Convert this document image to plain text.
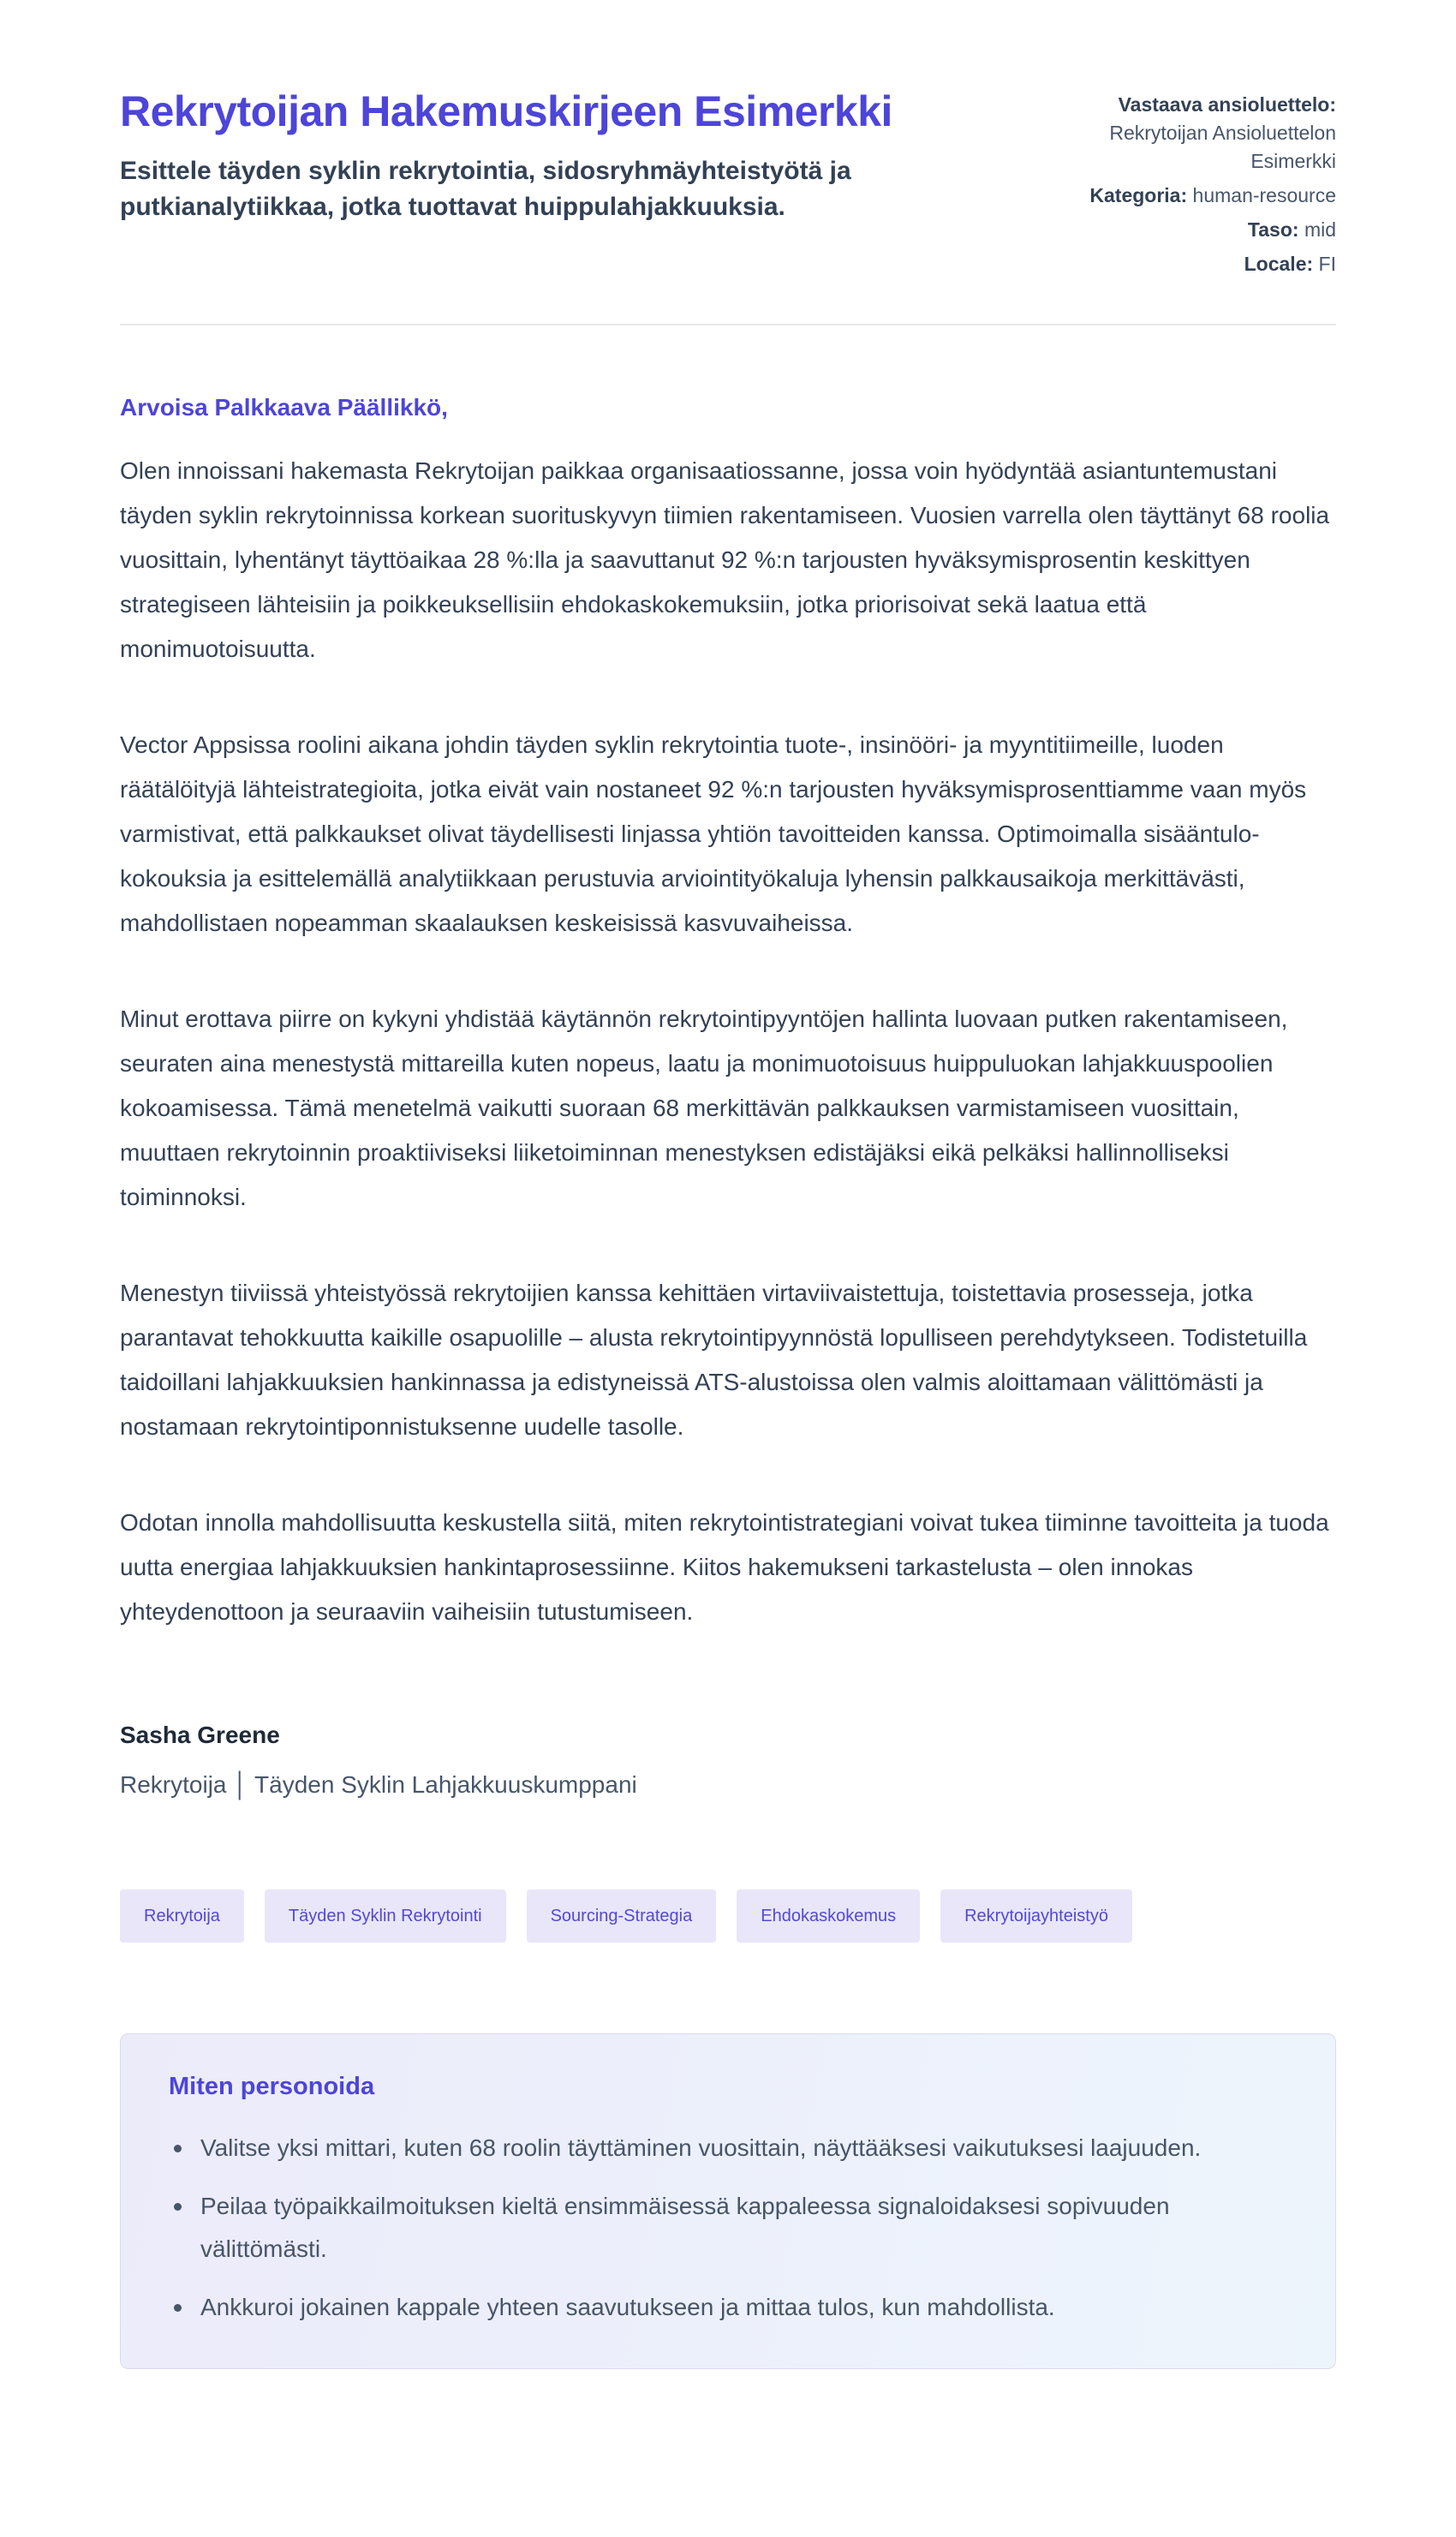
Rekrytoijan Hakemuskirjeen Esimerkki

Esittele täyden syklin rekrytointia, sidosryhmäyhteistyötä ja putkianalytiikkaa, jotka tuottavat huippulahjakkuuksia.

Vastaava ansioluettelo: Rekrytoijan Ansioluettelon Esimerkki

Kategoria: human-resource

Taso: mid

Locale: FI

Arvoisa Palkkaava Päällikkö,

Olen innoissani hakemasta Rekrytoijan paikkaa organisaatiossanne, jossa voin hyödyntää asiantuntemustani täyden syklin rekrytoinnissa korkean suorituskyvyn tiimien rakentamiseen. Vuosien varrella olen täyttänyt 68 roolia vuosittain, lyhentänyt täyttöaikaa 28 %:lla ja saavuttanut 92 %:n tarjousten hyväksymisprosentin keskittyen strategiseen lähteisiin ja poikkeuksellisiin ehdokaskokemuksiin, jotka priorisoivat sekä laatua että monimuotoisuutta.

Vector Appsissa roolini aikana johdin täyden syklin rekrytointia tuote-, insinööri- ja myyntitiimeille, luoden räätälöityjä lähteistrategioita, jotka eivät vain nostaneet 92 %:n tarjousten hyväksymisprosenttiamme vaan myös varmistivat, että palkkaukset olivat täydellisesti linjassa yhtiön tavoitteiden kanssa. Optimoimalla sisääntulo-kokouksia ja esittelemällä analytiikkaan perustuvia arviointityökaluja lyhensin palkkausaikoja merkittävästi, mahdollistaen nopeamman skaalauksen keskeisissä kasvuvaiheissa.

Minut erottava piirre on kykyni yhdistää käytännön rekrytointipyyntöjen hallinta luovaan putken rakentamiseen, seuraten aina menestystä mittareilla kuten nopeus, laatu ja monimuotoisuus huippuluokan lahjakkuuspoolien kokoamisessa. Tämä menetelmä vaikutti suoraan 68 merkittävän palkkauksen varmistamiseen vuosittain, muuttaen rekrytoinnin proaktiiviseksi liiketoiminnan menestyksen edistäjäksi eikä pelkäksi hallinnolliseksi toiminnoksi.

Menestyn tiiviissä yhteistyössä rekrytoijien kanssa kehittäen virtaviivaistettuja, toistettavia prosesseja, jotka parantavat tehokkuutta kaikille osapuolille – alusta rekrytointipyynnöstä lopulliseen perehdytykseen. Todistetuilla taidoillani lahjakkuuksien hankinnassa ja edistyneissä ATS-alustoissa olen valmis aloittamaan välittömästi ja nostamaan rekrytointiponnistuksenne uudelle tasolle.

Odotan innolla mahdollisuutta keskustella siitä, miten rekrytointistrategiani voivat tukea tiiminne tavoitteita ja tuoda uutta energiaa lahjakkuuksien hankintaprosessiinne. Kiitos hakemukseni tarkastelusta – olen innokas yhteydenottoon ja seuraaviin vaiheisiin tutustumiseen.

Sasha Greene

Rekrytoija │ Täyden Syklin Lahjakkuuskumppani

Rekrytoija	Täyden Syklin Rekrytointi	Sourcing-Strategia	Ehdokaskokemus	Rekrytoijayhteistyö
Miten personoida
Valitse yksi mittari, kuten 68 roolin täyttäminen vuosittain, näyttääksesi vaikutuksesi laajuuden.
Peilaa työpaikkailmoituksen kieltä ensimmäisessä kappaleessa signaloidaksesi sopivuuden välittömästi.
Ankkuroi jokainen kappale yhteen saavutukseen ja mittaa tulos, kun mahdollista.
